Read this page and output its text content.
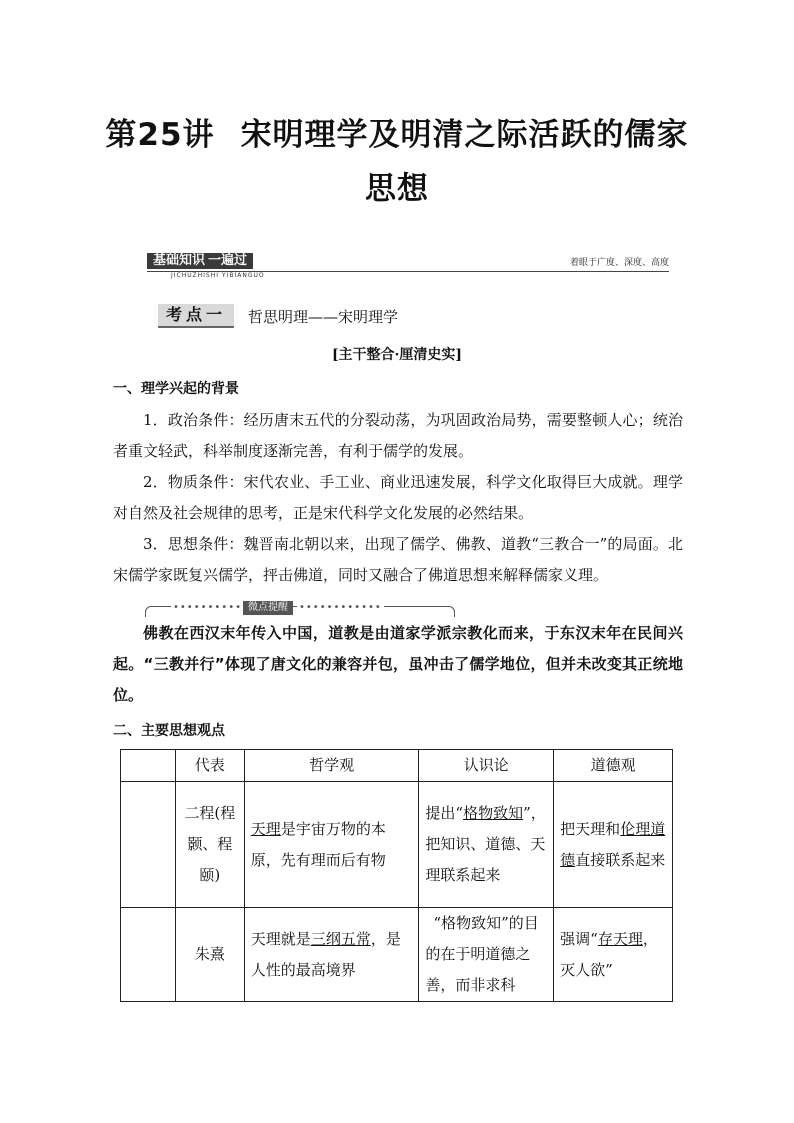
第25讲 宋明理学及明清之际活跃的儒家思想
基础知识 一遍过
JICHUZHISHI YIBIANGUO
着眼于广度、深度、高度
考点一 哲思明理——宋明理学
[主干整合·厘清史实]
一、理学兴起的背景
1．政治条件：经历唐末五代的分裂动荡，为巩固政治局势，需要整顿人心；统治者重文轻武，科举制度逐渐完善，有利于儒学的发展。
2．物质条件：宋代农业、手工业、商业迅速发展，科学文化取得巨大成就。理学对自然及社会规律的思考，正是宋代科学文化发展的必然结果。
3．思想条件：魏晋南北朝以来，出现了儒学、佛教、道教“三教合一”的局面。北宋儒学家既复兴儒学，抨击佛道，同时又融合了佛道思想来解释儒家义理。
•••••••••• 微点提醒	••••••••••••
佛教在西汉末年传入中国，道教是由道家学派宗教化而来，于东汉末年在民间兴起。“三教并行”体现了唐文化的兼容并包，虽冲击了儒学地位，但并未改变其正统地位。
二、主要思想观点
	代表	哲学观	认识论	道德观
	二程(程颢、程颐)	天理是宇宙万物的本原，先有理而后有物	提出“格物致知”，把知识、道德、天理联系起来	把天理和伦理道德直接联系起来
	朱熹	天理就是三纲五常，是人性的最高境界	“格物致知”的目的在于明道德之善，而非求科	强调“存天理，灭人欲”
